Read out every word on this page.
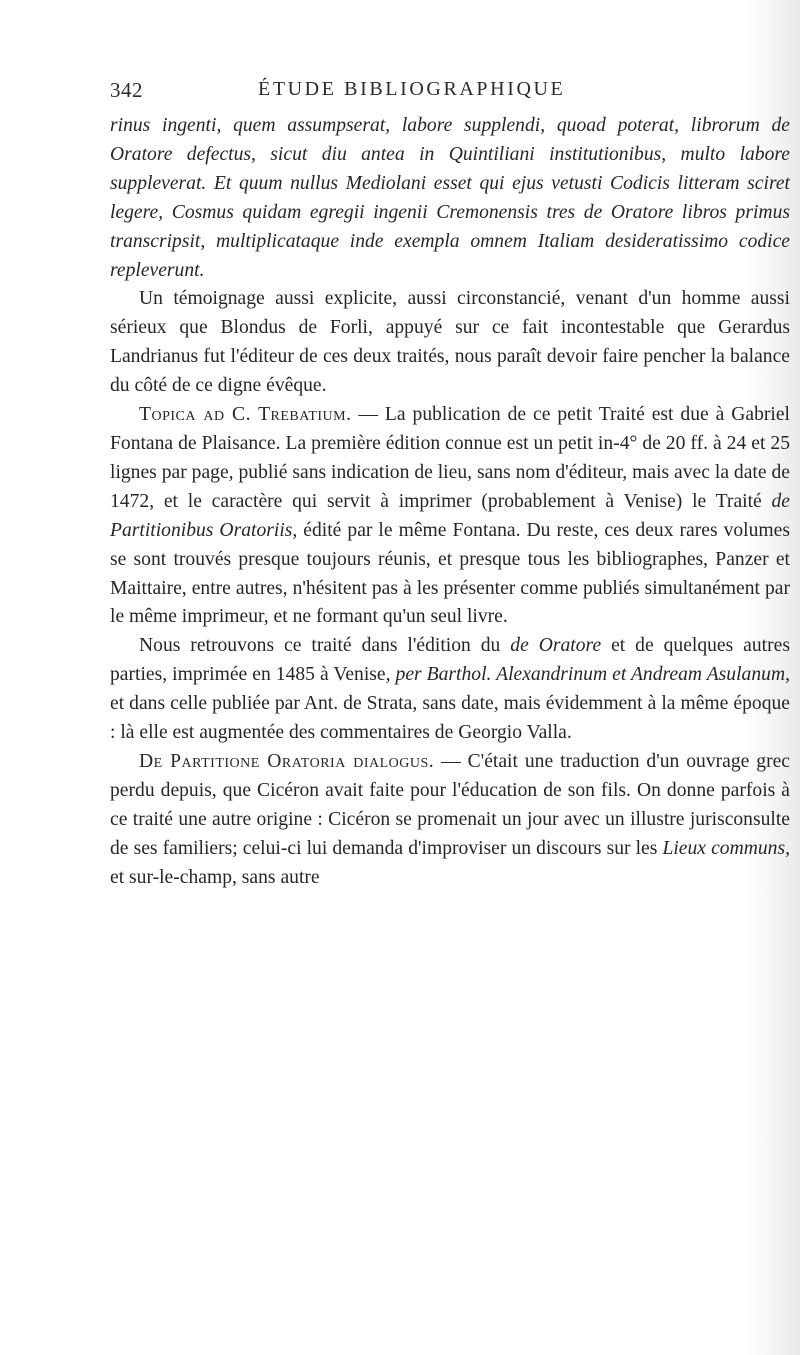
342	ÉTUDE BIBLIOGRAPHIQUE

rinus ingenti, quem assumpserat, labore supplendi, quoad poterat, librorum de Oratore defectus, sicut diu antea in Quintiliani institutionibus, multo labore suppleverat. Et quum nullus Mediolani esset qui ejus vetusti Codicis litteram sciret legere, Cosmus quidam egregii ingenii Cremonensis tres de Oratore libros primus transcripsit, multiplicataque inde exempla omnem Italiam desideratissimo codice repleverunt.

Un témoignage aussi explicite, aussi circonstancié, venant d'un homme aussi sérieux que Blondus de Forli, appuyé sur ce fait incontestable que Gerardus Landrianus fut l'éditeur de ces deux traités, nous paraît devoir faire pencher la balance du côté de ce digne évêque.

Topica ad C. Trebatium. — La publication de ce petit Traité est due à Gabriel Fontana de Plaisance. La première édition connue est un petit in-4° de 20 ff. à 24 et 25 lignes par page, publié sans indication de lieu, sans nom d'éditeur, mais avec la date de 1472, et le caractère qui servit à imprimer (probablement à Venise) le Traité de Partitionibus Oratoriis, édité par le même Fontana. Du reste, ces deux rares volumes se sont trouvés presque toujours réunis, et presque tous les bibliographes, Panzer et Maittaire, entre autres, n'hésitent pas à les présenter comme publiés simultanément par le même imprimeur, et ne formant qu'un seul livre.

Nous retrouvons ce traité dans l'édition du de Oratore et de quelques autres parties, imprimée en 1485 à Venise, per Barthol. Alexandrinum et Andream Asulanum, et dans celle publiée par Ant. de Strata, sans date, mais évidemment à la même époque : là elle est augmentée des commentaires de Georgio Valla.

De Partitione Oratoria dialogus. — C'était une traduction d'un ouvrage grec perdu depuis, que Cicéron avait faite pour l'éducation de son fils. On donne parfois à ce traité une autre origine : Cicéron se promenait un jour avec un illustre jurisconsulte de ses familiers; celui-ci lui demanda d'improviser un discours sur les Lieux communs, et sur-le-champ, sans autre
